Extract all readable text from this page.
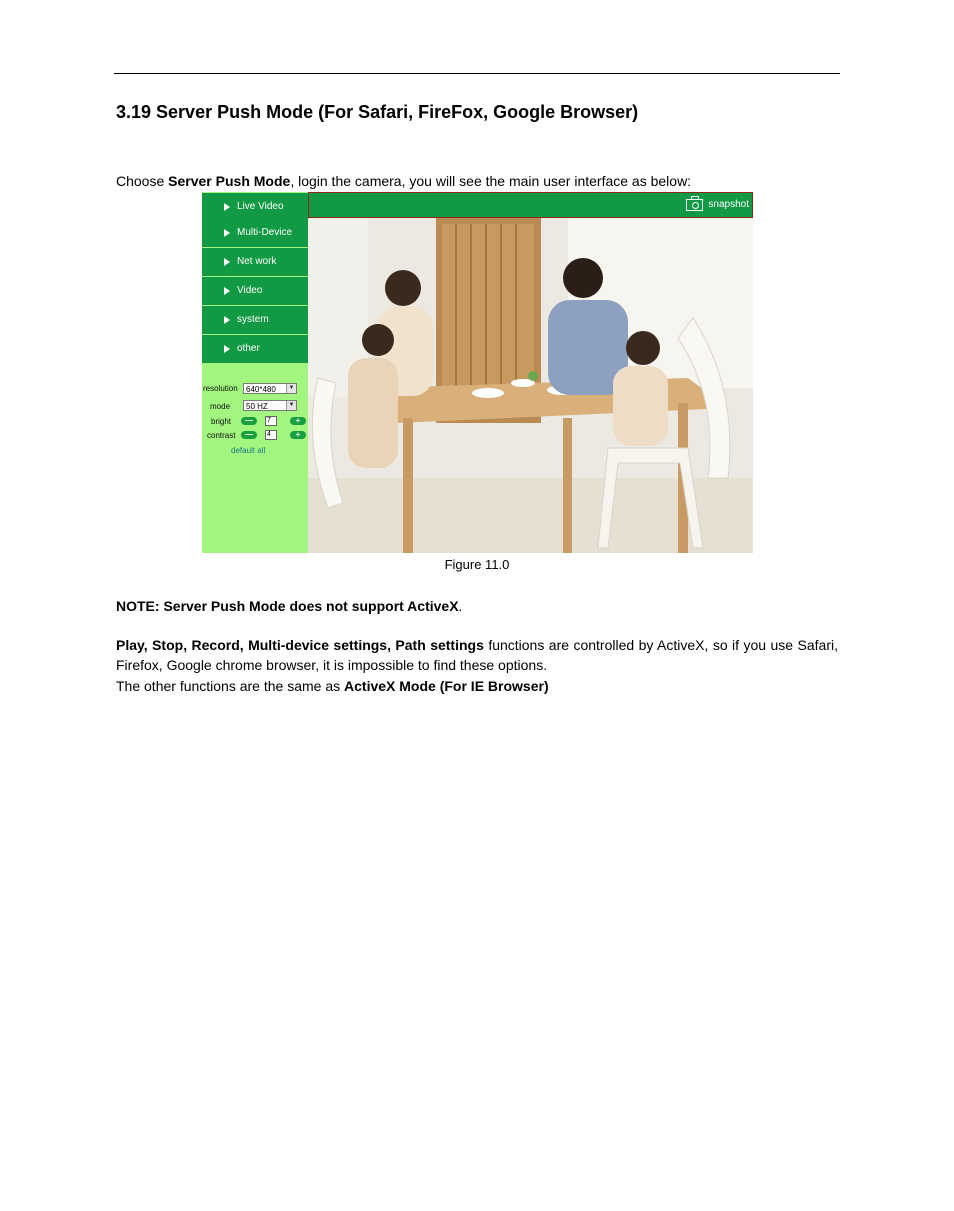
3.19 Server Push Mode (For Safari, FireFox, Google Browser)
Choose Server Push Mode, login the camera, you will see the main user interface as below:
Live Video
Multi-Device
Net work
Video
system
other
resolution	640*480	▼
mode	50 HZ	▼
bright	—	7	+
contrast	—	4	+
default all
snapshot
Figure 11.0
NOTE: Server Push Mode does not support ActiveX.
Play, Stop, Record, Multi-device settings, Path settings functions are controlled by ActiveX, so if you use Safari, Firefox, Google chrome browser, it is impossible to find these options.
The other functions are the same as ActiveX Mode (For IE Browser)
